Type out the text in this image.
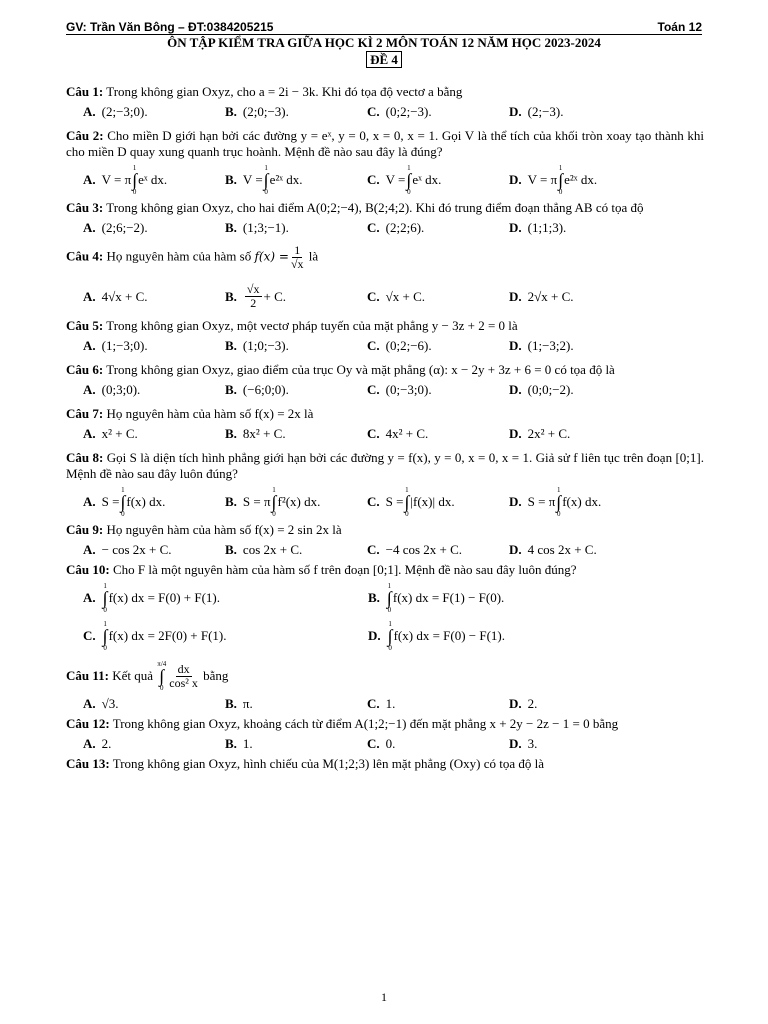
GV: Trần Văn Bông – ĐT:0384205215	Toán 12
ÔN TẬP KIỂM TRA GIỮA HỌC KÌ 2 MÔN TOÁN 12 NĂM HỌC 2023-2024
ĐỀ 4

Câu 1: Trong không gian Oxyz, cho a = 2i − 3k. Khi đó tọa độ vectơ a bằng

A. (2;−3;0).	B. (2;0;−3).	C. (0;2;−3).	D. (2;−3).

Câu 2: Cho miền D giới hạn bởi các đường y = eˣ, y = 0, x = 0, x = 1. Gọi V là thể tích của khối tròn xoay tạo thành khi cho miền D quay xung quanh trục hoành. Mệnh đề nào sau đây là đúng?

A. V = π
1
∫
0
eˣ dx.	B. V =
1
∫
0
e²ˣ dx.	C. V =
1
∫
0
eˣ dx.	D. V = π
1
∫
0
e²ˣ dx.

Câu 3: Trong không gian Oxyz, cho hai điểm A(0;2;−4), B(2;4;2). Khi đó trung điểm đoạn thẳng AB có tọa độ

A. (2;6;−2).	B. (1;3;−1).	C. (2;2;6).	D. (1;1;3).

Câu 4: Họ nguyên hàm của hàm số $f(x) = \frac{1}{√x}$ là

A. 4√x + C.	B. $\frac{√x}{2} + C$.	C. √x + C.	D. 2√x + C.

Câu 5: Trong không gian Oxyz, một vectơ pháp tuyến của mặt phẳng y − 3z + 2 = 0 là

A. (1;−3;0).	B. (1;0;−3).	C. (0;2;−6).	D. (1;−3;2).

Câu 6: Trong không gian Oxyz, giao điểm của trục Oy và mặt phẳng (α): x − 2y + 3z + 6 = 0 có tọa độ là

A. (0;3;0).	B. (−6;0;0).	C. (0;−3;0).	D. (0;0;−2).

Câu 7: Họ nguyên hàm của hàm số f(x) = 2x là

A. x² + C.	B. 8x² + C.	C. 4x² + C.	D. 2x² + C.

Câu 8: Gọi S là diện tích hình phẳng giới hạn bởi các đường y = f(x), y = 0, x = 0, x = 1. Giả sử f liên tục trên đoạn [0;1]. Mệnh đề nào sau đây luôn đúng?

A. S =
1
∫
0
f(x) dx.	B. S = π
1
∫
0
f²(x) dx.	C. S =
1
∫
0
|f(x)| dx.	D. S = π
1
∫
0
f(x) dx.

Câu 9: Họ nguyên hàm của hàm số f(x) = 2 sin 2x là

A. − cos 2x + C.	B. cos 2x + C.	C. −4 cos 2x + C.	D. 4 cos 2x + C.

Câu 10: Cho F là một nguyên hàm của hàm số f trên đoạn [0;1]. Mệnh đề nào sau đây luôn đúng?

A.
1
∫
0
f(x) dx = F(0) + F(1).	B.
1
∫
0
f(x) dx = F(1) − F(0).
C.
1
∫
0
f(x) dx = 2F(0) + F(1).	D.
1
∫
0
f(x) dx = F(0) − F(1).

Câu 11:
Kết quả

π/4
∫
$0 \frac{dx}{\text{cos² x}}$
bằng

A. √3.	B. π.	C. 1.	D. 2.

Câu 12: Trong không gian Oxyz, khoảng cách từ điểm A(1;2;−1) đến mặt phẳng x + 2y − 2z − 1 = 0 bằng

A. 2.	B. 1.	C. 0.	D. 3.

Câu 13: Trong không gian Oxyz, hình chiếu của M(1;2;3) lên mặt phẳng (Oxy) có tọa độ là

1
